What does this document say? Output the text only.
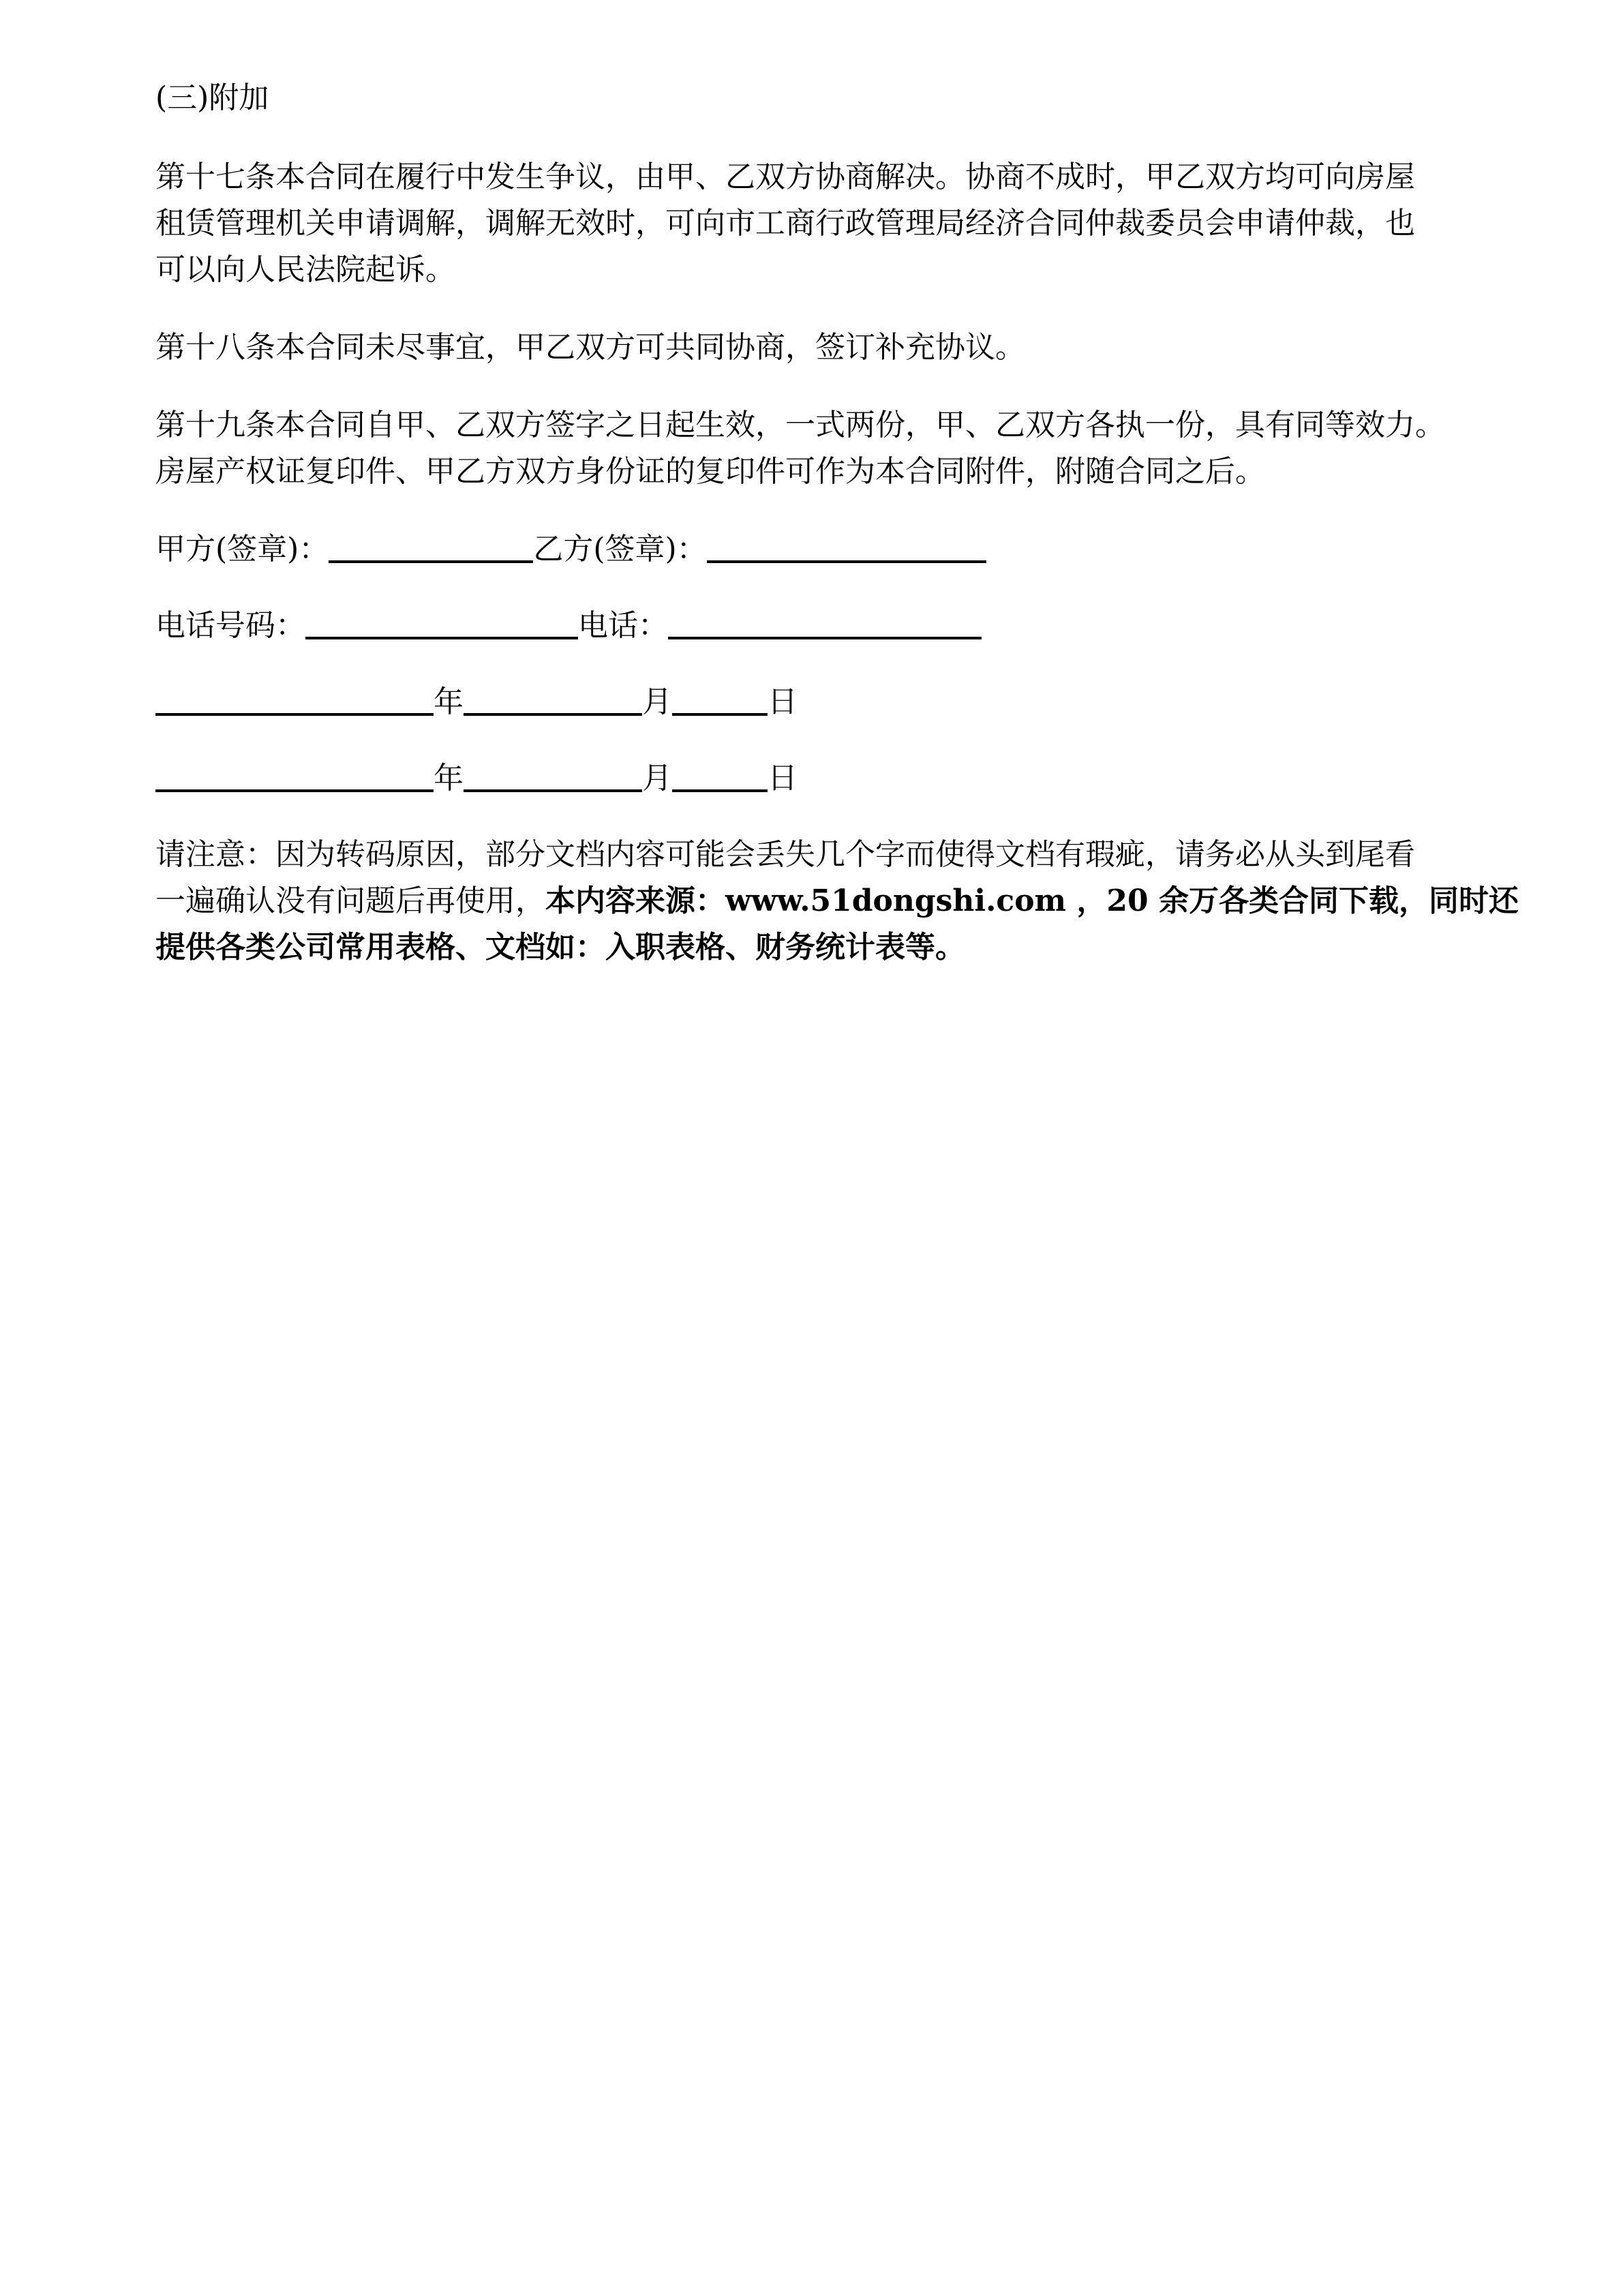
(三)附加
第十七条本合同在履行中发生争议，由甲、乙双方协商解决。协商不成时，甲乙双方均可向房屋
租赁管理机关申请调解，调解无效时，可向市工商行政管理局经济合同仲裁委员会申请仲裁，也
可以向人民法院起诉。
第十八条本合同未尽事宜，甲乙双方可共同协商，签订补充协议。
第十九条本合同自甲、乙双方签字之日起生效，一式两份，甲、乙双方各执一份，具有同等效力。
房屋产权证复印件、甲乙方双方身份证的复印件可作为本合同附件，附随合同之后。
甲方(签章)：	乙方(签章)：
电话号码：	电话：
年	月	日
年	月	日
请注意：因为转码原因，部分文档内容可能会丢失几个字而使得文档有瑕疵，请务必从头到尾看
一遍确认没有问题后再使用，本内容来源：www.51dongshi.com ，20 余万各类合同下载，同时还
提供各类公司常用表格、文档如：入职表格、财务统计表等。
